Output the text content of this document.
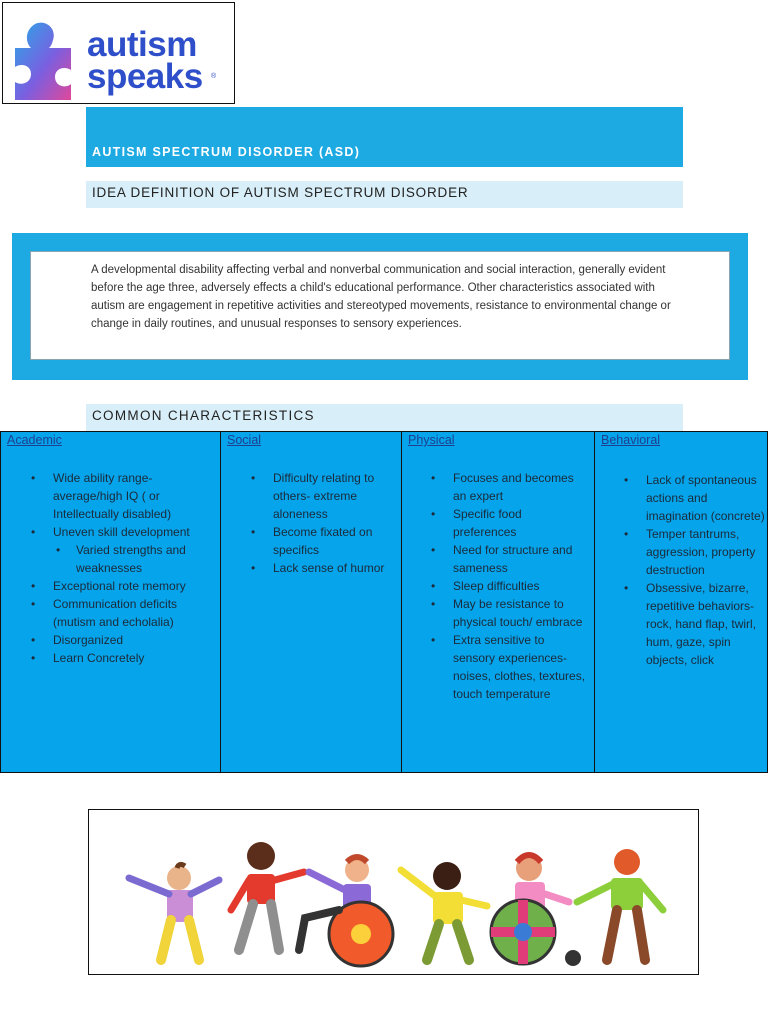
autism
speaks ®
AUTISM SPECTRUM DISORDER (ASD)
IDEA DEFINITION OF AUTISM SPECTRUM DISORDER

A developmental disability affecting verbal and nonverbal communication and social interaction, generally evident before the age three, adversely effects a child's educational performance. Other characteristics associated with autism are engagement in repetitive activities and stereotyped movements, resistance to environmental change or change in daily routines, and unusual responses to sensory experiences.

COMMON CHARACTERISTICS
Academic
• Wide ability range- average/high IQ ( or Intellectually disabled)
• Uneven skill development
• Varied strengths and weaknesses
• Exceptional rote memory
• Communication deficits (mutism and echolalia)
• Disorganized
• Learn Concretely
Social
• Difficulty relating to others- extreme aloneness
• Become fixated on specifics
• Lack sense of humor
Physical
• Focuses and becomes an expert
• Specific food preferences
• Need for structure and sameness
• Sleep difficulties
• May be resistance to physical touch/ embrace
• Extra sensitive to sensory experiences- noises, clothes, textures, touch temperature
Behavioral
• Lack of spontaneous actions and imagination (concrete)
• Temper tantrums, aggression, property destruction
• Obsessive, bizarre, repetitive behaviors- rock, hand flap, twirl, hum, gaze, spin objects, click
